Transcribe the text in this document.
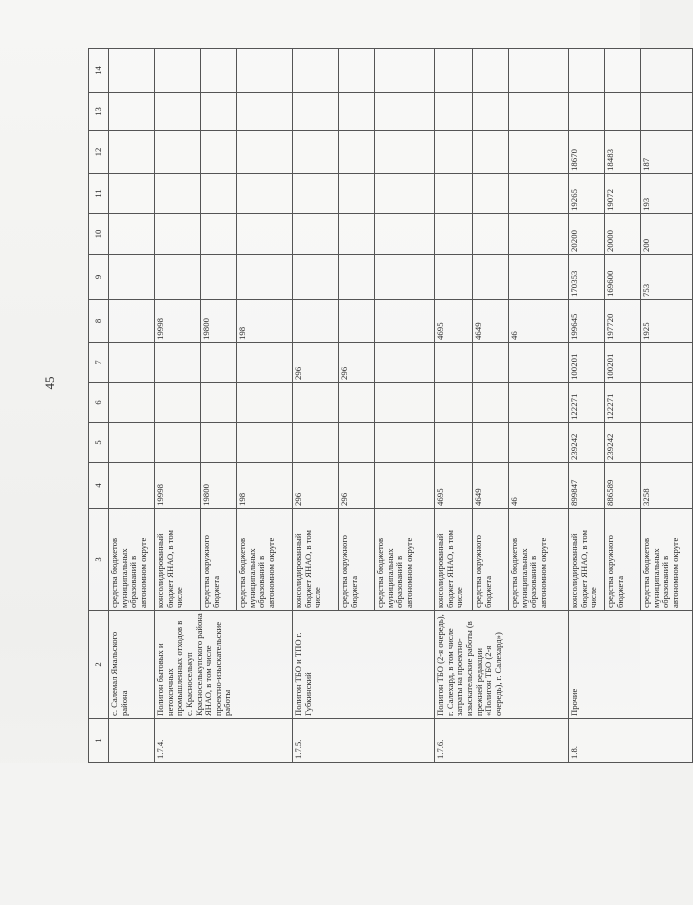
45
1	2	3	4	5	6	7	8	9	10	11	12	13	14
	с. Салемал Ямальского района	средства бюджетов муниципальных образований в автономном округе											
1.7.4.	Полигон бытовых и нетоксичных промышленных отходов в с. Красноселькуп Красноселькупского района ЯНАО, в том числе проектно-изыскательские работы	консолидированный бюджет ЯНАО, в том числе	19998				19998						
		средства окружного бюджета	19800				19800						
		средства бюджетов муниципальных образований в автономном округе	198				198						
1.7.5.	Полигон ТБО и ТПО г. Губкинский	консолидированный бюджет ЯНАО, в том числе	296			296							
		средства окружного бюджета	296			296							
		средства бюджетов муниципальных образований в автономном округе											
1.7.6.	Полигон ТБО (2-я очередь), г. Салехард, в том числе затраты на проектно-изыскательские работы (в прежней редакции «Полигон ТБО (2-я очередь), г. Салехард»)	консолидированный бюджет ЯНАО, в том числе	4695				4695						
		средства окружного бюджета	4649				4649						
		средства бюджетов муниципальных образований в автономном округе	46				46						
1.8.	Прочие	консолидированный бюджет ЯНАО, в том числе	899847	239242	122271	100201	199645	170353	20200	19265	18670		
		средства окружного бюджета	886589	239242	122271	100201	197720	169600	20000	19072	18483		
		средства бюджетов муниципальных образований в автономном округе	3258				1925	753	200	193	187		
